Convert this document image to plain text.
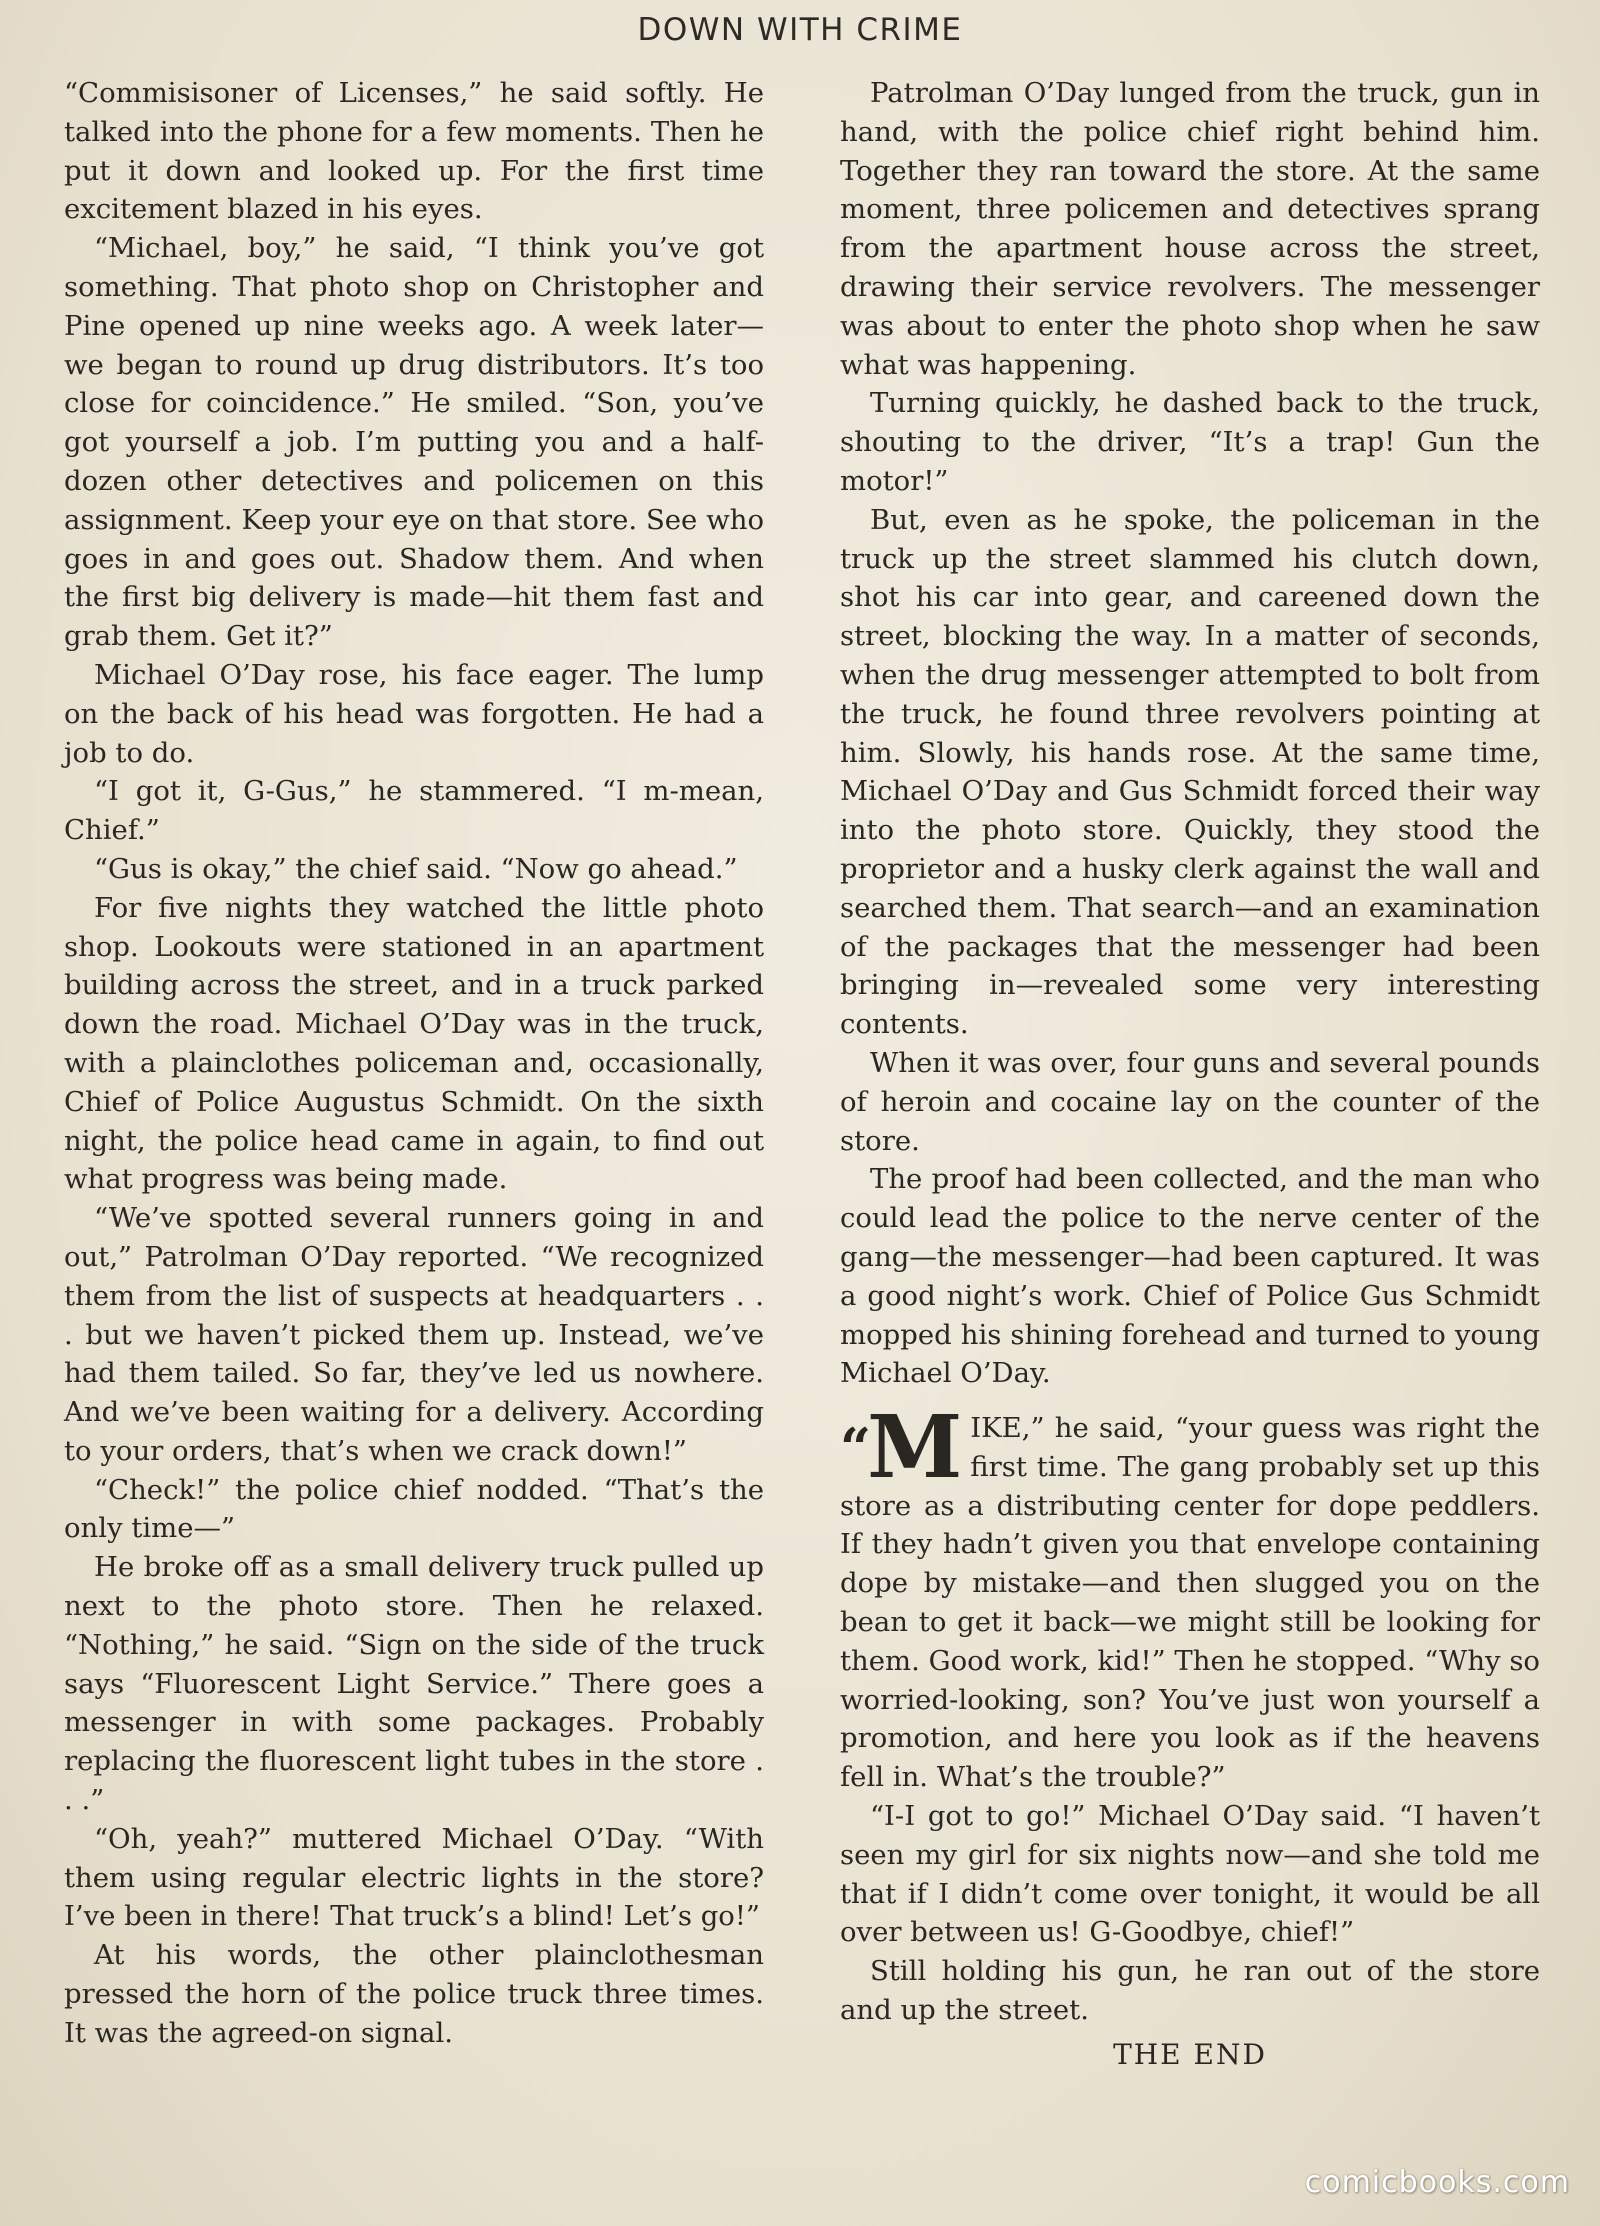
DOWN WITH CRIME

“Commisisoner of Licenses,” he said softly. He talked into the phone for a few moments. Then he put it down and looked up. For the first time excitement blazed in his eyes.

“Michael, boy,” he said, “I think you’ve got something. That photo shop on Christopher and Pine opened up nine weeks ago. A week later—we began to round up drug distributors. It’s too close for coincidence.” He smiled. “Son, you’ve got yourself a job. I’m putting you and a half-dozen other detectives and policemen on this assignment. Keep your eye on that store. See who goes in and goes out. Shadow them. And when the first big delivery is made—hit them fast and grab them. Get it?”

Michael O’Day rose, his face eager. The lump on the back of his head was forgotten. He had a job to do.

“I got it, G-Gus,” he stammered. “I m-mean, Chief.”

“Gus is okay,” the chief said. “Now go ahead.”

For five nights they watched the little photo shop. Lookouts were stationed in an apartment building across the street, and in a truck parked down the road. Michael O’Day was in the truck, with a plainclothes policeman and, occasionally, Chief of Police Augustus Schmidt. On the sixth night, the police head came in again, to find out what progress was being made.

“We’ve spotted several runners going in and out,” Patrolman O’Day reported. “We recognized them from the list of suspects at headquarters . . . but we haven’t picked them up. Instead, we’ve had them tailed. So far, they’ve led us nowhere. And we’ve been waiting for a delivery. According to your orders, that’s when we crack down!”

“Check!” the police chief nodded. “That’s the only time—”

He broke off as a small delivery truck pulled up next to the photo store. Then he relaxed. “Nothing,” he said. “Sign on the side of the truck says “Fluorescent Light Service.” There goes a messenger in with some packages. Probably replacing the fluorescent light tubes in the store . . .”

“Oh, yeah?” muttered Michael O’Day. “With them using regular electric lights in the store? I’ve been in there! That truck’s a blind! Let’s go!”

At his words, the other plainclothesman pressed the horn of the police truck three times. It was the agreed-on signal.

Patrolman O’Day lunged from the truck, gun in hand, with the police chief right behind him. Together they ran toward the store. At the same moment, three policemen and detectives sprang from the apartment house across the street, drawing their service revolvers. The messenger was about to enter the photo shop when he saw what was happening.

Turning quickly, he dashed back to the truck, shouting to the driver, “It’s a trap! Gun the motor!”

But, even as he spoke, the policeman in the truck up the street slammed his clutch down, shot his car into gear, and careened down the street, blocking the way. In a matter of seconds, when the drug messenger attempted to bolt from the truck, he found three revolvers pointing at him. Slowly, his hands rose. At the same time, Michael O’Day and Gus Schmidt forced their way into the photo store. Quickly, they stood the proprietor and a husky clerk against the wall and searched them. That search—and an examination of the packages that the messenger had been bringing in—revealed some very interesting contents.

When it was over, four guns and several pounds of heroin and cocaine lay on the counter of the store.

The proof had been collected, and the man who could lead the police to the nerve center of the gang—the messenger—had been captured. It was a good night’s work. Chief of Police Gus Schmidt mopped his shining forehead and turned to young Michael O’Day.

“M IKE,” he said, “your guess was right the first time. The gang probably set up this store as a distributing center for dope peddlers. If they hadn’t given you that envelope containing dope by mistake—and then slugged you on the bean to get it back—we might still be looking for them. Good work, kid!” Then he stopped. “Why so worried-looking, son? You’ve just won yourself a promotion, and here you look as if the heavens fell in. What’s the trouble?”

“I-I got to go!” Michael O’Day said. “I haven’t seen my girl for six nights now—and she told me that if I didn’t come over tonight, it would be all over between us! G-Goodbye, chief!”

Still holding his gun, he ran out of the store and up the street.

THE END
comicbooks.com
